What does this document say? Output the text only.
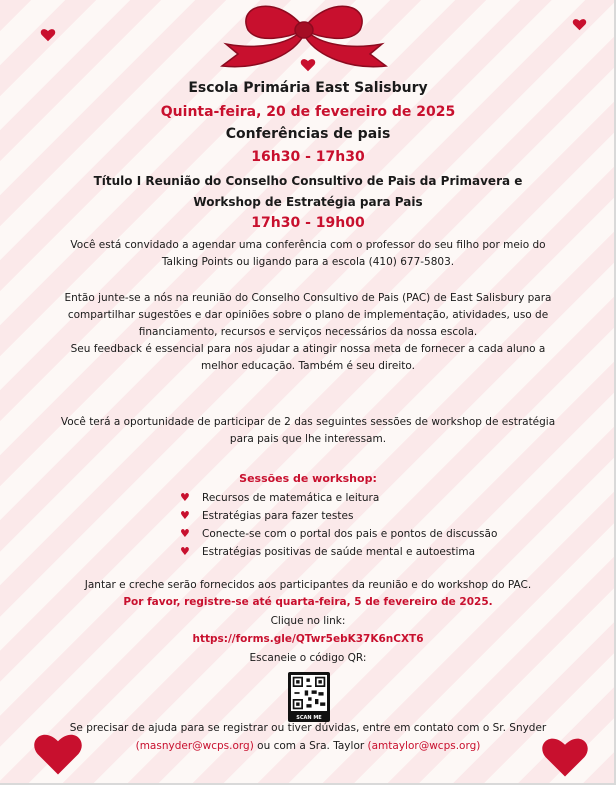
Escola Primária East Salisbury
Quinta-feira, 20 de fevereiro de 2025
Conferências de pais
16h30 - 17h30
Título I Reunião do Conselho Consultivo de Pais da Primavera e Workshop de Estratégia para Pais
17h30 - 19h00
Você está convidado a agendar uma conferência com o professor do seu filho por meio do Talking Points ou ligando para a escola (410) 677-5803.
Então junte-se a nós na reunião do Conselho Consultivo de Pais (PAC) de East Salisbury para compartilhar sugestões e dar opiniões sobre o plano de implementação, atividades, uso de financiamento, recursos e serviços necessários da nossa escola.
Seu feedback é essencial para nos ajudar a atingir nossa meta de fornecer a cada aluno a melhor educação. Também é seu direito.
Você terá a oportunidade de participar de 2 das seguintes sessões de workshop de estratégia para pais que lhe interessam.
Sessões de workshop:
♥	Recursos de matemática e leitura
♥	Estratégias para fazer testes
♥	Conecte-se com o portal dos pais e pontos de discussão
♥	Estratégias positivas de saúde mental e autoestima
Jantar e creche serão fornecidos aos participantes da reunião e do workshop do PAC.
Por favor, registre-se até quarta-feira, 5 de fevereiro de 2025.
Clique no link:
https://forms.gle/QTwr5ebK37K6nCXT6
Escaneie o código QR:
SCAN ME
Se precisar de ajuda para se registrar ou tiver dúvidas, entre em contato com o Sr. Snyder
(masnyder@wcps.org) ou com a Sra. Taylor (amtaylor@wcps.org)
